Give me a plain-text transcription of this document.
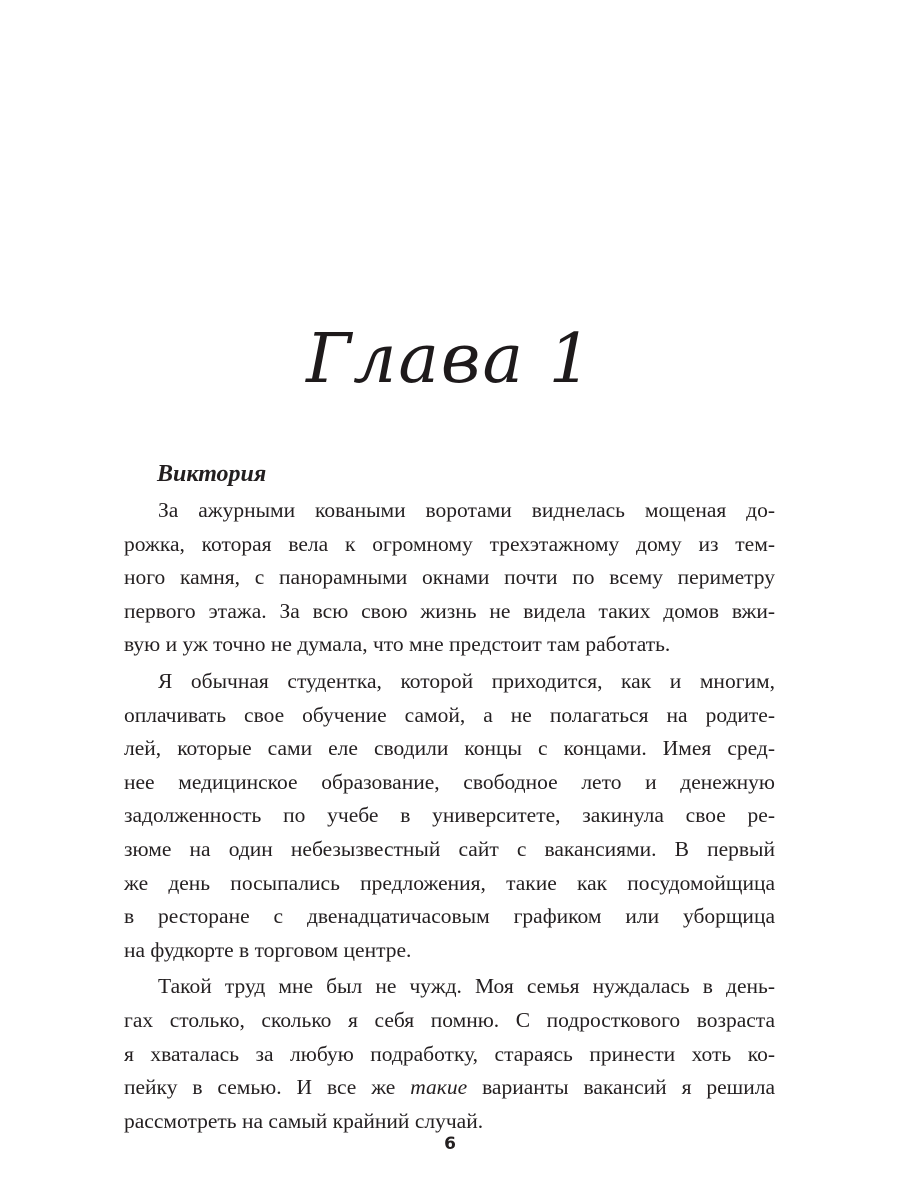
Глава 1
Виктория
За ажурными коваными воротами виднелась мощеная до-
рожка, которая вела к огромному трехэтажному дому из тем-
ного камня, с панорамными окнами почти по всему периметру
первого этажа. За всю свою жизнь не видела таких домов вжи-
вую и уж точно не думала, что мне предстоит там работать.
Я обычная студентка, которой приходится, как и многим,
оплачивать свое обучение самой, а не полагаться на родите-
лей, которые сами еле сводили концы с концами. Имея сред-
нее медицинское образование, свободное лето и денежную
задолженность по учебе в университете, закинула свое ре-
зюме на один небезызвестный сайт с вакансиями. В первый
же день посыпались предложения, такие как посудомойщица
в ресторане с двенадцатичасовым графиком или уборщица
на фудкорте в торговом центре.
Такой труд мне был не чужд. Моя семья нуждалась в день-
гах столько, сколько я себя помню. С подросткового возраста
я хваталась за любую подработку, стараясь принести хоть ко-
пейку в семью. И все же такие варианты вакансий я решила
рассмотреть на самый крайний случай.
6
